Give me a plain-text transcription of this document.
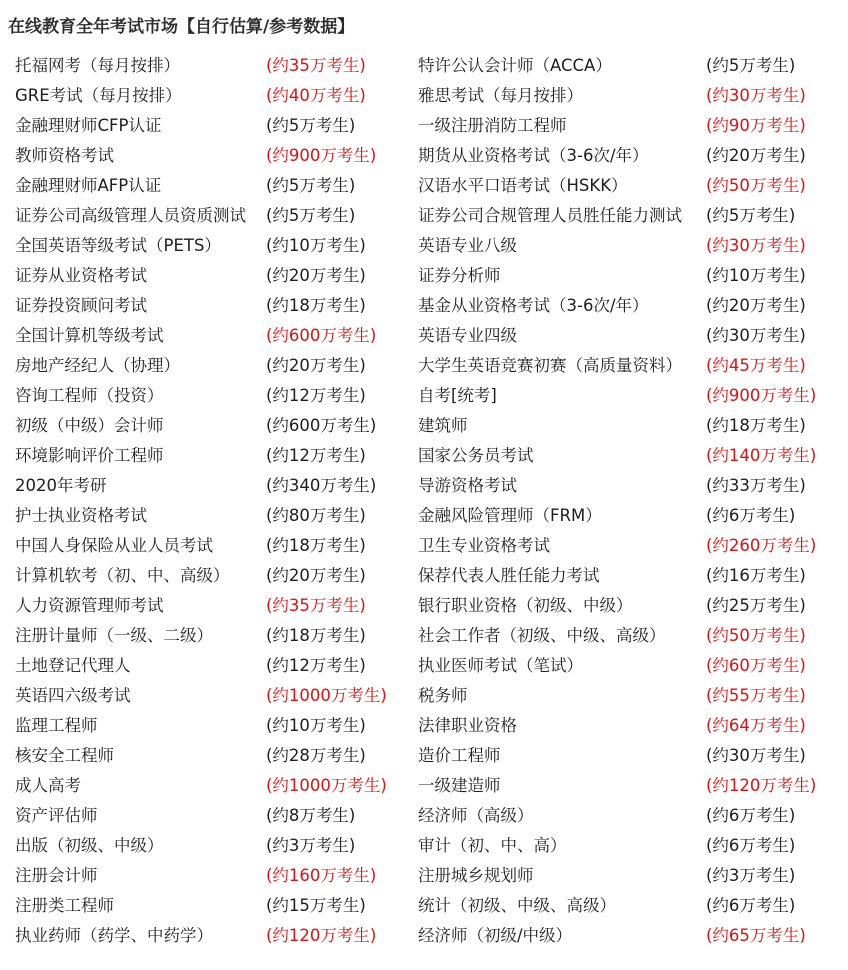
在线教育全年考试市场【自行估算/参考数据】
托福网考（每月按排）	(约35万考生)	特许公认会计师（ACCA）	(约5万考生)
GRE考试（每月按排）	(约40万考生)	雅思考试（每月按排）	(约30万考生)
金融理财师CFP认证	(约5万考生)	一级注册消防工程师	(约90万考生)
教师资格考试	(约900万考生)	期货从业资格考试（3-6次/年）	(约20万考生)
金融理财师AFP认证	(约5万考生)	汉语水平口语考试（HSKK）	(约50万考生)
证券公司高级管理人员资质测试 (约5万考生)	证券公司合规管理人员胜任能力测试 (约5万考生)
全国英语等级考试（PETS）	(约10万考生)	英语专业八级	(约30万考生)
证券从业资格考试	(约20万考生)	证券分析师	(约10万考生)
证券投资顾问考试	(约18万考生)	基金从业资格考试（3-6次/年）	(约20万考生)
全国计算机等级考试	(约600万考生)	英语专业四级	(约30万考生)
房地产经纪人（协理）	(约20万考生)	大学生英语竞赛初赛（高质量资料） (约45万考生)
咨询工程师（投资）	(约12万考生)	自考[统考]	(约900万考生)
初级（中级）会计师	(约600万考生)	建筑师	(约18万考生)
环境影响评价工程师	(约12万考生)	国家公务员考试	(约140万考生)
2020年考研	(约340万考生)	导游资格考试	(约33万考生)
护士执业资格考试	(约80万考生)	金融风险管理师（FRM）	(约6万考生)
中国人身保险从业人员考试	(约18万考生)	卫生专业资格考试	(约260万考生)
计算机软考（初、中、高级） (约20万考生)	保荐代表人胜任能力考试	(约16万考生)
人力资源管理师考试	(约35万考生)	银行职业资格（初级、中级）	(约25万考生)
注册计量师（一级、二级）	(约18万考生)	社会工作者（初级、中级、高级） (约50万考生)
土地登记代理人	(约12万考生)	执业医师考试（笔试）	(约60万考生)
英语四六级考试	(约1000万考生) 税务师	(约55万考生)
监理工程师	(约10万考生)	法律职业资格	(约64万考生)
核安全工程师	(约28万考生)	造价工程师	(约30万考生)
成人高考	(约1000万考生) 一级建造师	(约120万考生)
资产评估师	(约8万考生)	经济师（高级）	(约6万考生)
出版（初级、中级）	(约3万考生)	审计（初、中、高）	(约6万考生)
注册会计师	(约160万考生)	注册城乡规划师	(约3万考生)
注册类工程师	(约15万考生)	统计（初级、中级、高级）	(约6万考生)
执业药师（药学、中药学）	(约120万考生)	经济师（初级/中级）	(约65万考生)
